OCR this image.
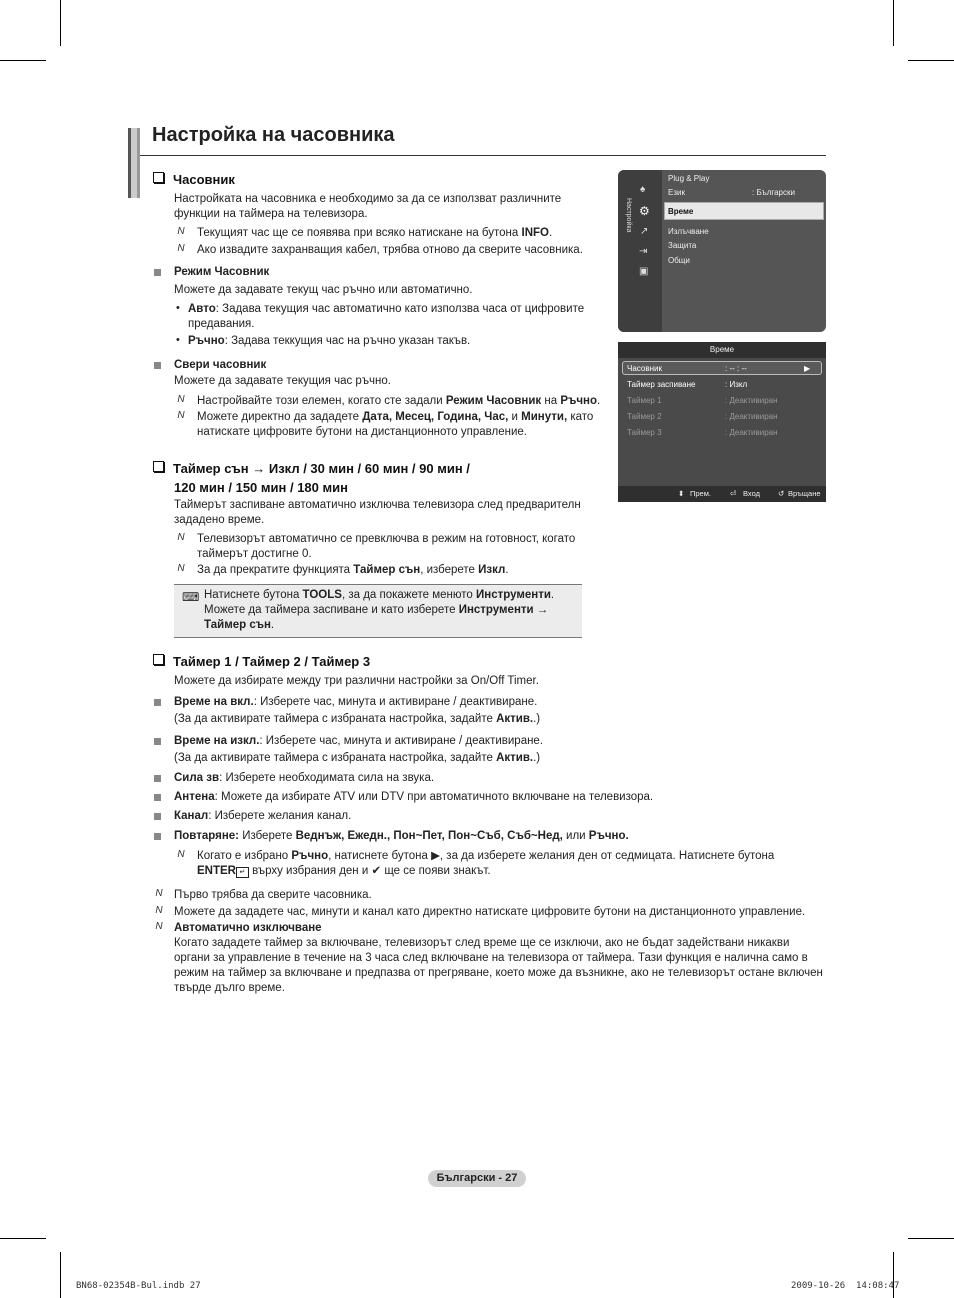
Настройка на часовника
Часовник

Настройката на часовника е необходимо за да се използват различните

функции на таймера на телевизора.

N Текущият час ще се появява при всяко натискане на бутона INFO.
N Ако извадите захранващия кабел, трябва отново да сверите часовника.
Режим Часовник
Можете да задавате текущ час ръчно или автоматично.
• Авто: Задава текущия час автоматично като използва часа от цифровите

предавания.

• Ръчно: Задава теккущия час на ръчно указан такъв.
Свери часовник
Можете да задавате текущия час ръчно.
N Настройвайте този елемен, когато сте задали Режим Часовник на Ръчно.
N Можете директно да зададете Дата, Месец, Година, Час, и Минути, като

натискате цифровите бутони на дистанционното управление.

Таймер сън → Изкл / 30 мин / 60 мин / 90 мин /
120 мин / 150 мин / 180 мин

Таймерът заспиване автоматично изключва телевизора след предварителн

зададено време.

N Телевизорът автоматично се превключва в режим на готовност, когато

таймерът достигне 0.

N За да прекратите функцията Таймер сън, изберете Изкл.
⌨ Натиснете бутона TOOLS, за да покажете менюто Инструменти.

Можете да таймера заспиване и като изберете Инструменти →

Таймер сън.

Таймер 1 / Таймер 2 / Таймер 3
Можете да избирате между три различни настройки за On/Off Timer.

Време на вкл.: Изберете час, минута и активиране / деактивиране.

(За да активирате таймера с избраната настройка, задайте Актив..)

Време на изкл.: Изберете час, минута и активиране / деактивиране.

(За да активирате таймера с избраната настройка, задайте Актив..)

Сила зв: Изберете необходимата сила на звука.
Антена: Можете да избирате ATV или DTV при автоматичното включване на телевизора.
Канал: Изберете желания канал.
Повтаряне: Изберете Веднъж, Ежедн., Пон~Пет, Пон~Съб, Съб~Нед, или Ръчно.
N Когато е избрано Ръчно, натиснете бутона ▶, за да изберете желания ден от седмицата. Натиснете бутона

ENTER ↵ върху избрания ден и ✔ ще се появи знакът.

N Първо трябва да сверите часовника.
N Можете да зададете час, минути и канал като директно натискате цифровите бутони на дистанционното управление.
N Автоматично изключване

Когато зададете таймер за включване, телевизорът след време ще се изключи, ако не бъдат задействани никакви

органи за управление в течение на 3 часа след включване на телевизора от таймера. Тази функция е налична само в

режим на таймер за включване и предпазва от прегряване, което може да възникне, ако не телевизорът остане включен

твърде дълго време.

Настройка
♠
⚙
↗
⇥
▣
Plug & Play
Език	: Български
Време
Излъчване
Защита
Общи
Време
Часовник	: -- : --	▶
Таймер заспиване	: Изкл
Таймер 1	: Деактивиран
Таймер 2	: Деактивиран
Таймер 3	: Деактивиран
⬍ Прем.	⏎ Вход ↺ Връщане
Български - 27
BN68-02354B-Bul.indb 27	2009-10-26 ￼14:08:47
